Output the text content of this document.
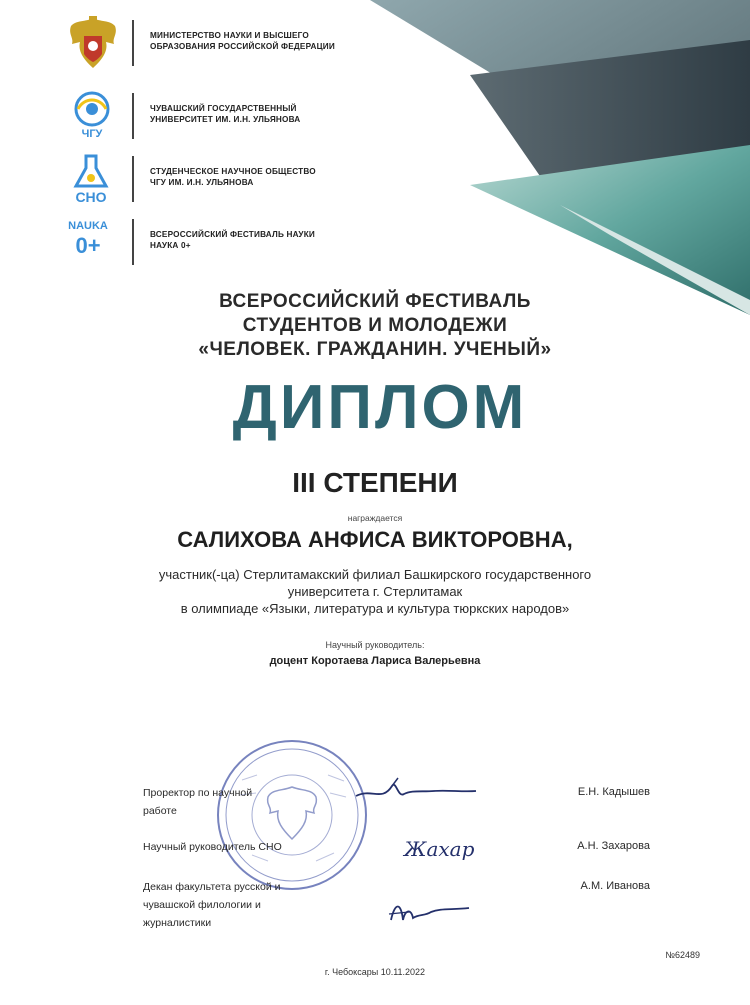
МИНИСТЕРСТВО НАУКИ И ВЫСШЕГО
ОБРАЗОВАНИЯ РОССИЙСКОЙ ФЕДЕРАЦИИ
ЧГУ
ЧУВАШСКИЙ ГОСУДАРСТВЕННЫЙ
УНИВЕРСИТЕТ ИМ. И.Н. УЛЬЯНОВА
СНО
СТУДЕНЧЕСКОЕ НАУЧНОЕ ОБЩЕСТВО
ЧГУ ИМ. И.Н. УЛЬЯНОВА
NAUKA
0+	ВСЕРОССИЙСКИЙ ФЕСТИВАЛЬ НАУКИ
НАУКА 0+
ВСЕРОССИЙСКИЙ ФЕСТИВАЛЬ
СТУДЕНТОВ И МОЛОДЕЖИ
«ЧЕЛОВЕК. ГРАЖДАНИН. УЧЕНЫЙ»
ДИПЛОМ
III СТЕПЕНИ
награждается
САЛИХОВА АНФИСА ВИКТОРОВНА,
участник(-ца) Стерлитамакский филиал Башкирского государственного
университета г. Стерлитамак
в олимпиаде «Языки, литература и культура тюркских народов»
Научный руководитель:
доцент Коротаева Лариса Валерьевна
Проректор по научной
работе
Е.Н. Кадышев
Научный руководитель СНО	Жахар	А.Н. Захарова
Декан факультета русской и
чувашской филологии и
журналистики
А.М. Иванова
№62489
г. Чебоксары 10.11.2022
